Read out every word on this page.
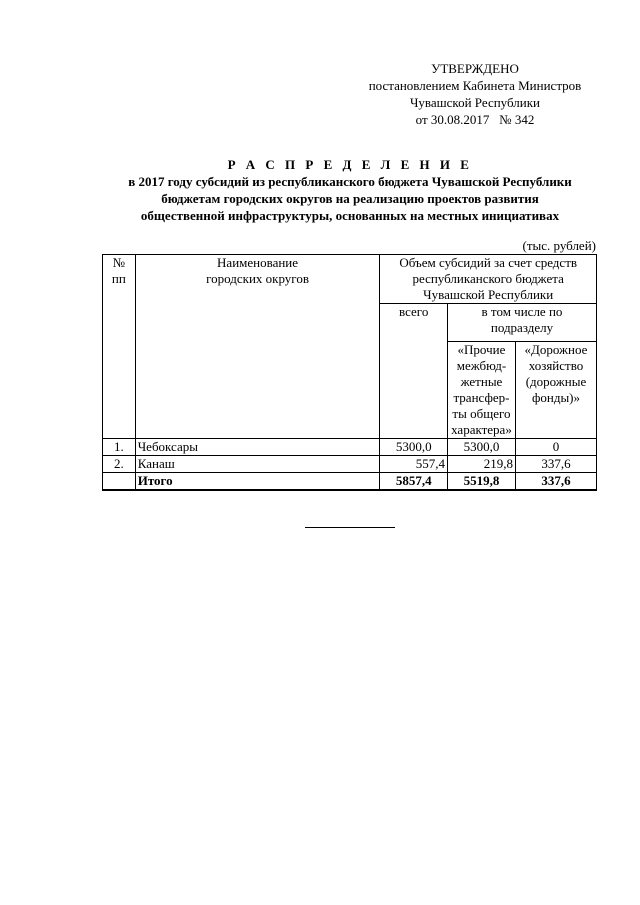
УТВЕРЖДЕНО
постановлением Кабинета Министров
Чувашской Республики
от 30.08.2017   № 342
Р А С П Р Е Д Е Л Е Н И Е
в 2017 году субсидий из республиканского бюджета Чувашской Республики
бюджетам городских округов на реализацию проектов развития
общественной инфраструктуры, основанных на местных инициативах
(тыс. рублей)
№ пп	Наименование городских округов	Объем субсидий за счет средств республиканского бюджета Чувашской Республики		
		всего	в том числе по подразделу	
			«Прочие межбюд-жетные трансфер-ты общего характера»	«Дорожное хозяйство (дорожные фонды)»
1.	Чебоксары	5300,0	5300,0	0
2.	Канаш	557,4	219,8	337,6
	Итого	5857,4	5519,8	337,6
